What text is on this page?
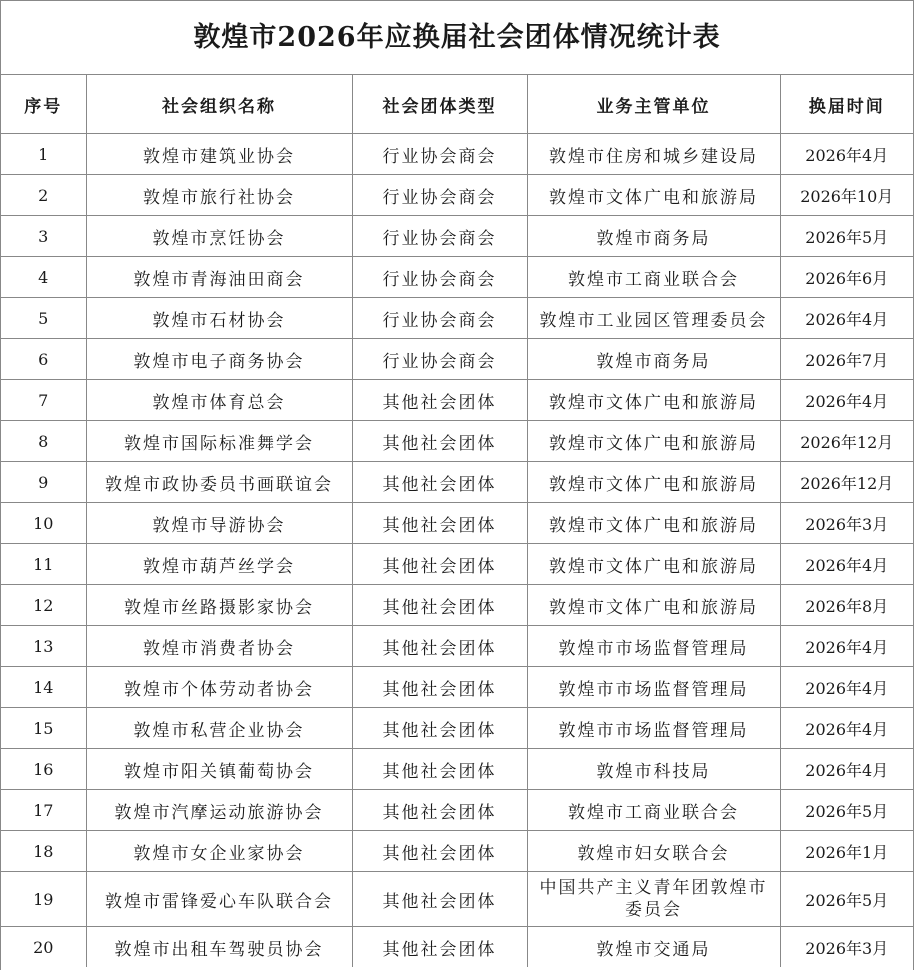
敦煌市2026年应换届社会团体情况统计表
序号	社会组织名称	社会团体类型	业务主管单位	换届时间
1	敦煌市建筑业协会	行业协会商会	敦煌市住房和城乡建设局	2026年4月
2	敦煌市旅行社协会	行业协会商会	敦煌市文体广电和旅游局	2026年10月
3	敦煌市烹饪协会	行业协会商会	敦煌市商务局	2026年5月
4	敦煌市青海油田商会	行业协会商会	敦煌市工商业联合会	2026年6月
5	敦煌市石材协会	行业协会商会	敦煌市工业园区管理委员会	2026年4月
6	敦煌市电子商务协会	行业协会商会	敦煌市商务局	2026年7月
7	敦煌市体育总会	其他社会团体	敦煌市文体广电和旅游局	2026年4月
8	敦煌市国际标准舞学会	其他社会团体	敦煌市文体广电和旅游局	2026年12月
9	敦煌市政协委员书画联谊会	其他社会团体	敦煌市文体广电和旅游局	2026年12月
10	敦煌市导游协会	其他社会团体	敦煌市文体广电和旅游局	2026年3月
11	敦煌市葫芦丝学会	其他社会团体	敦煌市文体广电和旅游局	2026年4月
12	敦煌市丝路摄影家协会	其他社会团体	敦煌市文体广电和旅游局	2026年8月
13	敦煌市消费者协会	其他社会团体	敦煌市市场监督管理局	2026年4月
14	敦煌市个体劳动者协会	其他社会团体	敦煌市市场监督管理局	2026年4月
15	敦煌市私营企业协会	其他社会团体	敦煌市市场监督管理局	2026年4月
16	敦煌市阳关镇葡萄协会	其他社会团体	敦煌市科技局	2026年4月
17	敦煌市汽摩运动旅游协会	其他社会团体	敦煌市工商业联合会	2026年5月
18	敦煌市女企业家协会	其他社会团体	敦煌市妇女联合会	2026年1月
19	敦煌市雷锋爱心车队联合会	其他社会团体	中国共产主义青年团敦煌市委员会	2026年5月
20	敦煌市出租车驾驶员协会	其他社会团体	敦煌市交通局	2026年3月
